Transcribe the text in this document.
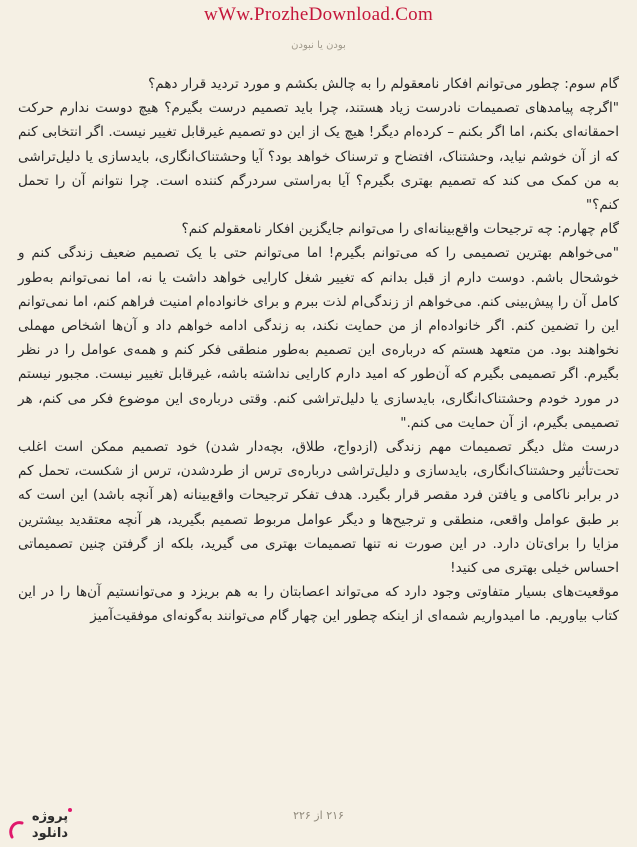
wWw.ProzheDownload.Com
بودن یا نبودن

گام سوم: چطور می‌توانم افکار نامعقولم را به چالش بکشم و مورد تردید قرار دهم؟

"اگرچه پیامدهای تصمیمات نادرست زیاد هستند، چرا باید تصمیم درست بگیرم؟ هیچ دوست ندارم حرکت احمقانه‌ای بکنم، اما اگر بکنم – کرده‌ام دیگر! هیچ یک از این دو تصمیم غیرقابل تغییر نیست. اگر انتخابی کنم که از آن خوشم نیاید، وحشتناک، افتضاح و ترسناک خواهد بود؟ آیا وحشتناک‌انگاری، بایدسازی یا دلیل‌تراشی به من کمک می کند که تصمیم بهتری بگیرم؟ آیا به‌راستی سردرگم کننده است. چرا نتوانم آن را تحمل کنم؟"

گام چهارم: چه ترجیحات واقع‌بینانه‌ای را می‌توانم جایگزین افکار نامعقولم کنم؟

"می‌خواهم بهترین تصمیمی را که می‌توانم بگیرم! اما می‌توانم حتی با یک تصمیم ضعیف زندگی کنم و خوشحال باشم. دوست دارم از قبل بدانم که تغییر شغل کارایی خواهد داشت یا نه، اما نمی‌توانم به‌طور کامل آن را پیش‌بینی کنم. می‌خواهم از زندگی‌ام لذت ببرم و برای خانواده‌ام امنیت فراهم کنم، اما نمی‌توانم این را تضمین کنم. اگر خانواده‌ام از من حمایت نکند، به زندگی ادامه خواهم داد و آن‌ها اشخاص مهملی نخواهند بود. من متعهد هستم که درباره‌ی این تصمیم به‌طور منطقی فکر کنم و همه‌ی عوامل را در نظر بگیرم. اگر تصمیمی بگیرم که آن‌طور که امید دارم کارایی نداشته باشه، غیرقابل تغییر نیست. مجبور نیستم در مورد خودم وحشتناک‌انگاری، بایدسازی یا دلیل‌تراشی کنم. وقتی درباره‌ی این موضوع فکر می کنم، هر تصمیمی بگیرم، از آن حمایت می کنم."

درست مثل دیگر تصمیمات مهم زندگی (ازدواج، طلاق، بچه‌دار شدن) خود تصمیم ممکن است اغلب تحت‌تأثیر وحشتناک‌انگاری، بایدسازی و دلیل‌تراشی درباره‌ی ترس از طردشدن، ترس از شکست، تحمل کم در برابر ناکامی و یافتن فرد مقصر قرار بگیرد. هدف تفکر ترجیحات واقع‌بینانه (هر آنچه باشد) این است که بر طبق عوامل واقعی، منطقی و ترجیح‌ها و دیگر عوامل مربوط تصمیم بگیرید، هر آنچه معتقدید بیشترین مزایا را برای‌تان دارد. در این صورت نه تنها تصمیمات بهتری می گیرید، بلکه از گرفتن چنین تصمیماتی احساس خیلی بهتری می کنید!

موقعیت‌های بسیار متفاوتی وجود دارد که می‌تواند اعصابتان را به هم بریزد و می‌توانستیم آن‌ها را در این کتاب بیاوریم. ما امیدواریم شمه‌ای از اینکه چطور این چهار گام می‌توانند به‌گونه‌ای موفقیت‌آمیز

۲۱۶ از ۲۲۶
پروژه
دانلود
